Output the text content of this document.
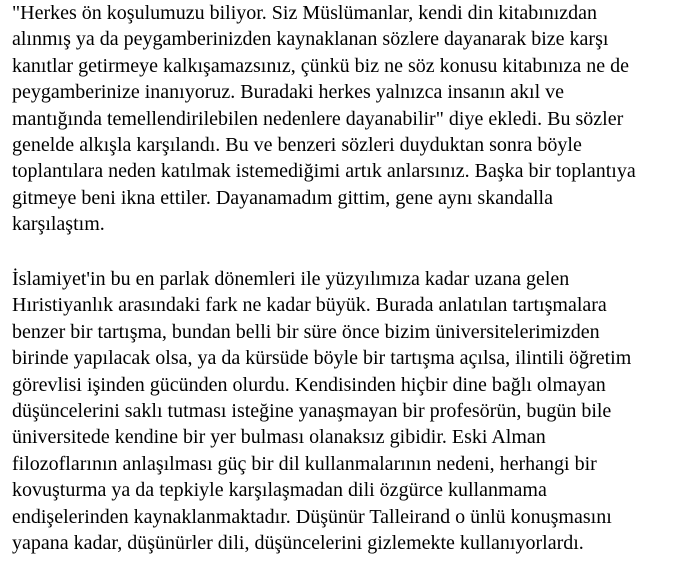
"Herkes ön koşulumuzu biliyor. Siz Müslümanlar, kendi din kitabınızdan
alınmış ya da peygamberinizden kaynaklanan sözlere dayanarak bize karşı
kanıtlar getirmeye kalkışamazsınız, çünkü biz ne söz konusu kitabınıza ne de
peygamberinize inanıyoruz. Buradaki herkes yalnızca insanın akıl ve
mantığında temellendirilebilen nedenlere dayanabilir" diye ekledi. Bu sözler
genelde alkışla karşılandı. Bu ve benzeri sözleri duyduktan sonra böyle
toplantılara neden katılmak istemediğimi artık anlarsınız. Başka bir toplantıya
gitmeye beni ikna ettiler. Dayanamadım gittim, gene aynı skandalla
karşılaştım.

İslamiyet'in bu en parlak dönemleri ile yüzyılımıza kadar uzana gelen
Hıristiyanlık arasındaki fark ne kadar büyük. Burada anlatılan tartışmalara
benzer bir tartışma, bundan belli bir süre önce bizim üniversitelerimizden
birinde yapılacak olsa, ya da kürsüde böyle bir tartışma açılsa, ilintili öğretim
görevlisi işinden gücünden olurdu. Kendisinden hiçbir dine bağlı olmayan
düşüncelerini saklı tutması isteğine yanaşmayan bir profesörün, bugün bile
üniversitede kendine bir yer bulması olanaksız gibidir. Eski Alman
filozoflarının anlaşılması güç bir dil kullanmalarının nedeni, herhangi bir
kovuşturma ya da tepkiyle karşılaşmadan dili özgürce kullanmama
endişelerinden kaynaklanmaktadır. Düşünür Talleirand o ünlü konuşmasını
yapana kadar, düşünürler dili, düşüncelerini gizlemekte kullanıyorlardı.
